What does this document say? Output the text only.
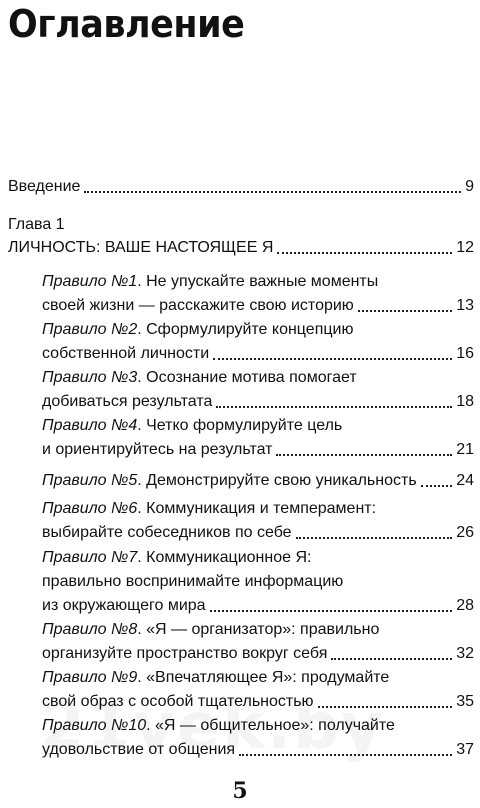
Оглавление
Введение	9
Глава 1
ЛИЧНОСТЬ: ВАШЕ НАСТОЯЩЕЕ Я	12
Правило №1. Не упускайте важные моменты
своей жизни — расскажите свою историю	13
Правило №2. Сформулируйте концепцию
собственной личности	16
Правило №3. Осознание мотива помогает
добиваться результата	18
Правило №4. Четко формулируйте цель
и ориентируйтесь на результат	21
Правило №5. Демонстрируйте свою уникальность 24
Правило №6. Коммуникация и темперамент:
выбирайте собеседников по себе	26
Правило №7. Коммуникационное Я:
правильно воспринимайте информацию
из окружающего мира	28
Правило №8. «Я — организатор»: правильно
организуйте пространство вокруг себя	32
Правило №9. «Впечатляющее Я»: продумайте
свой образ с особой тщательностью	35
Правило №10. «Я — общительное»: получайте
удовольствие от общения	37
5
